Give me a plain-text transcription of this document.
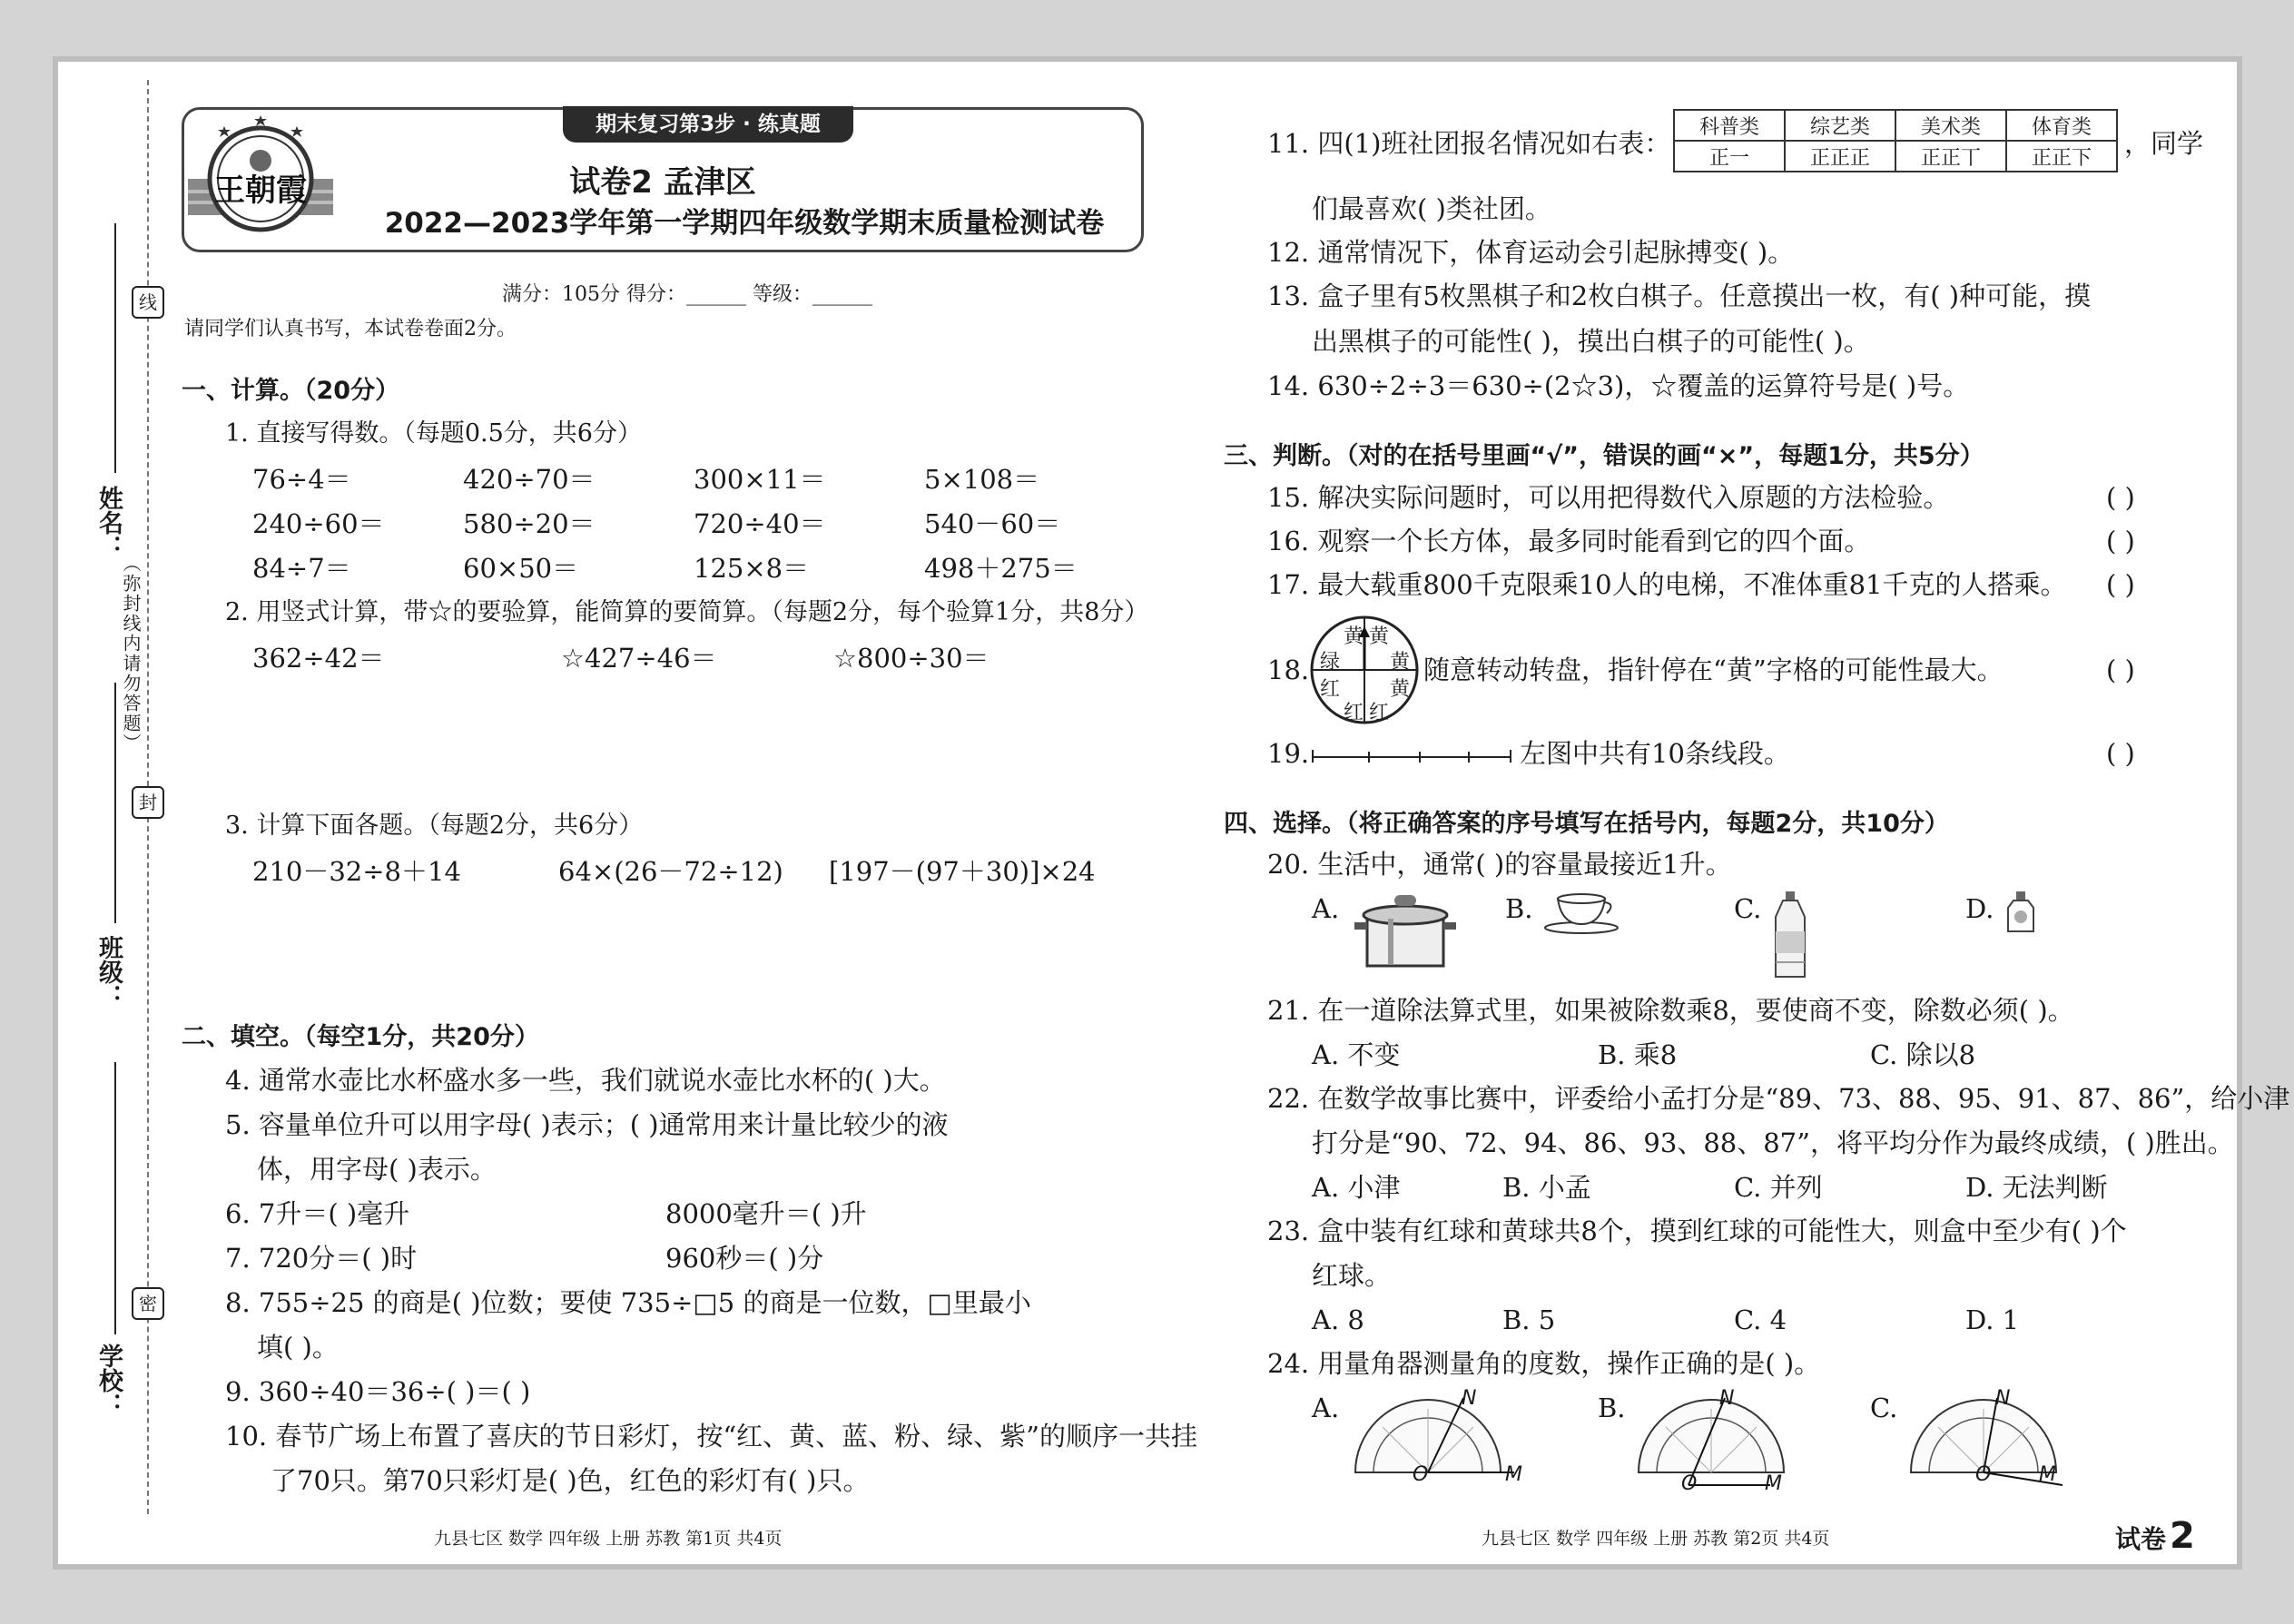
线
封
密
姓名：
班级：
学校：
（弥封线内请勿答题）
期末复习第3步 · 练真题
王朝霞	试卷2 孟津区
2022—2023学年第一学期四年级数学期末质量检测试卷
满分：105分 得分：______ 等级：______
请同学们认真书写，本试卷卷面2分。
一、计算。（20分）
1. 直接写得数。（每题0.5分，共6分）
76÷4＝	420÷70＝	300×11＝	5×108＝
240÷60＝	580÷20＝	720÷40＝	540－60＝
84÷7＝	60×50＝	125×8＝	498＋275＝
2. 用竖式计算，带☆的要验算，能简算的要简算。（每题2分，每个验算1分，共8分）
362÷42＝	☆427÷46＝	☆800÷30＝
3. 计算下面各题。（每题2分，共6分）
210－32÷8＋14	64×(26－72÷12) [197－(97＋30)]×24
二、填空。（每空1分，共20分）
4. 通常水壶比水杯盛水多一些，我们就说水壶比水杯的( )大。
5. 容量单位升可以用字母( )表示；( )通常用来计量比较少的液
体，用字母( )表示。
6. 7升＝( )毫升	8000毫升＝( )升
7. 720分＝( )时	960秒＝( )分
8. 755÷25 的商是( )位数；要使 735÷□5 的商是一位数，□里最小
填( )。
9. 360÷40＝36÷( )＝( )
10. 春节广场上布置了喜庆的节日彩灯，按“红、黄、蓝、粉、绿、紫”的顺序一共挂
了70只。第70只彩灯是( )色，红色的彩灯有( )只。
11. 四(1)班社团报名情况如右表：
科普类	综艺类	美术类	体育类
正一	正正正	正正丅	正正下 ，同学
们最喜欢( )类社团。
12. 通常情况下，体育运动会引起脉搏变( )。
13. 盒子里有5枚黑棋子和2枚白棋子。任意摸出一枚，有( )种可能，摸
出黑棋子的可能性( )，摸出白棋子的可能性( )。
14. 630÷2÷3＝630÷(2☆3)，☆覆盖的运算符号是( )号。
三、判断。（对的在括号里画“√”，错误的画“×”，每题1分，共5分）
15. 解决实际问题时，可以用把得数代入原题的方法检验。	( )
16. 观察一个长方体，最多同时能看到它的四个面。	( )
17. 最大载重800千克限乘10人的电梯，不准体重81千克的人搭乘。 ( )
18.
黄 黄
黄
黄
红
红
红
绿	随意转动转盘，指针停在“黄”字格的可能性最大。	( )
19.	左图中共有10条线段。	( )
四、选择。（将正确答案的序号填写在括号内，每题2分，共10分）
20. 生活中，通常( )的容量最接近1升。
A.	B.	C.	D.
21. 在一道除法算式里，如果被除数乘8，要使商不变，除数必须( )。
A. 不变	B. 乘8	C. 除以8
22. 在数学故事比赛中，评委给小孟打分是“89、73、88、95、91、87、86”，给小津
打分是“90、72、94、86、93、88、87”，将平均分作为最终成绩，( )胜出。
A. 小津	B. 小孟	C. 并列	D. 无法判断
23. 盒中装有红球和黄球共8个，摸到红球的可能性大，则盒中至少有( )个
红球。
A. 8	B. 5	C. 4	D. 1
24. 用量角器测量角的度数，操作正确的是( )。
A.	N
O	M
B.	N
O	M
C.	N
O M
九县七区 数学 四年级 上册 苏教 第1页 共4页	九县七区 数学 四年级 上册 苏教 第2页 共4页	试卷 2
